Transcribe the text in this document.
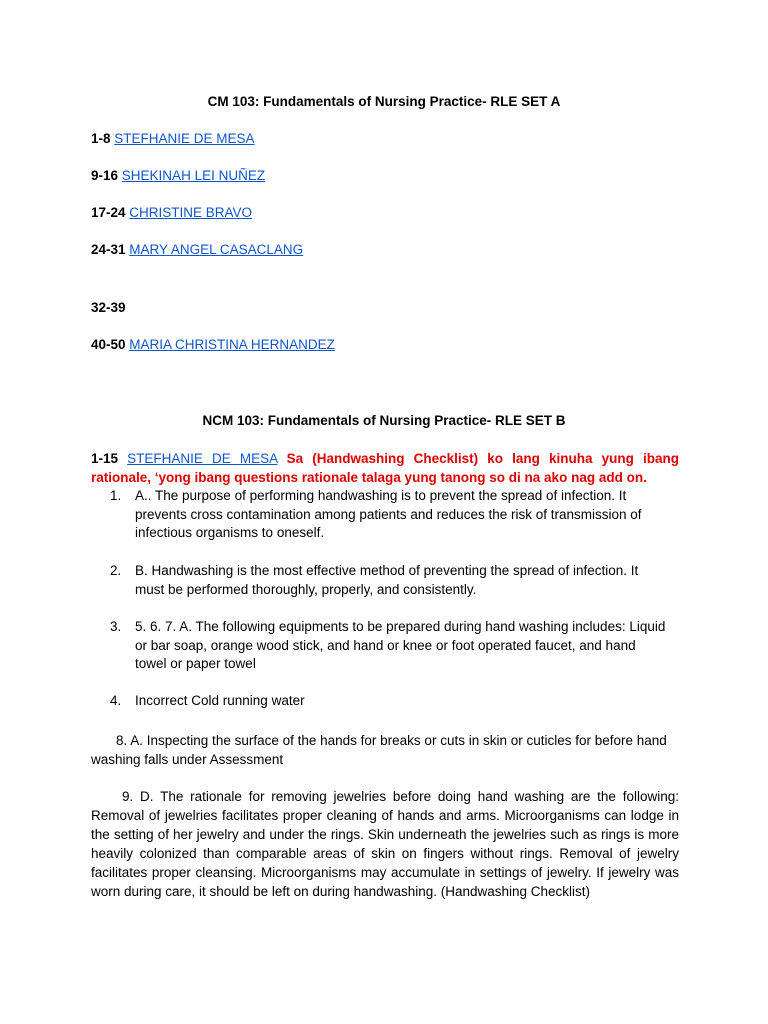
CM 103: Fundamentals of Nursing Practice- RLE SET A
1-8 STEFHANIE DE MESA
9-16 SHEKINAH LEI NUÑEZ
17-24 CHRISTINE BRAVO
24-31 MARY ANGEL CASACLANG
32-39
40-50 MARIA CHRISTINA HERNANDEZ
NCM 103: Fundamentals of Nursing Practice- RLE SET B
1-15 STEFHANIE DE MESA Sa (Handwashing Checklist) ko lang kinuha yung ibang rationale, ‘yong ibang questions rationale talaga yung tanong so di na ako nag add on.
1.	A.. The purpose of performing handwashing is to prevent the spread of infection. It prevents cross contamination among patients and reduces the risk of transmission of infectious organisms to oneself.
2.	B. Handwashing is the most effective method of preventing the spread of infection. It must be performed thoroughly, properly, and consistently.
3.	5. 6. 7. A. The following equipments to be prepared during hand washing includes: Liquid or bar soap, orange wood stick, and hand or knee or foot operated faucet, and hand towel or paper towel
4.	Incorrect Cold running water
8. A. Inspecting the surface of the hands for breaks or cuts in skin or cuticles for before hand washing falls under Assessment
9. D. The rationale for removing jewelries before doing hand washing are the following: Removal of jewelries facilitates proper cleaning of hands and arms. Microorganisms can lodge in the setting of her jewelry and under the rings. Skin underneath the jewelries such as rings is more heavily colonized than comparable areas of skin on fingers without rings. Removal of jewelry facilitates proper cleansing. Microorganisms may accumulate in settings of jewelry. If jewelry was worn during care, it should be left on during handwashing. (Handwashing Checklist)
